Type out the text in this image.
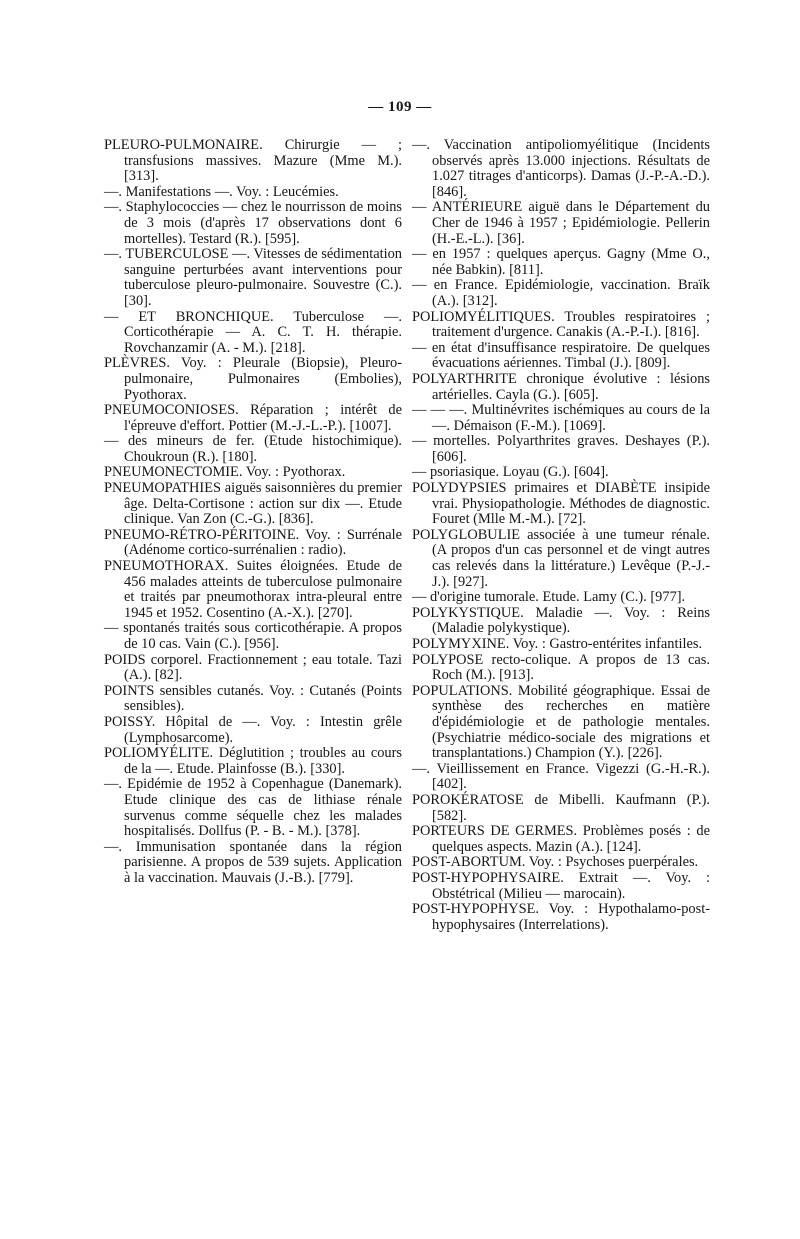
— 109 —

PLEURO-PULMONAIRE. Chirurgie — ; transfusions massives. Mazure (Mme M.). [313].

—. Manifestations —. Voy. : Leucémies.

—. Staphylococcies — chez le nourrisson de moins de 3 mois (d'après 17 observations dont 6 mortelles). Testard (R.). [595].

—. TUBERCULOSE —. Vitesses de sédimentation sanguine perturbées avant interventions pour tuberculose pleuro-pulmonaire. Souvestre (C.). [30].

— ET BRONCHIQUE. Tuberculose —. Corticothérapie — A. C. T. H. thérapie. Rovchanzamir (A. - M.). [218].

PLÈVRES. Voy. : Pleurale (Biopsie), Pleuro-pulmonaire, Pulmonaires (Embolies), Pyothorax.

PNEUMOCONIOSES. Réparation ; intérêt de l'épreuve d'effort. Pottier (M.-J.-L.-P.). [1007].

— des mineurs de fer. (Etude histochimique). Choukroun (R.). [180].

PNEUMONECTOMIE. Voy. : Pyothorax.

PNEUMOPATHIES aiguës saisonnières du premier âge. Delta-Cortisone : action sur dix —. Etude clinique. Van Zon (C.-G.). [836].

PNEUMO-RÉTRO-PÉRITOINE. Voy. : Surrénale (Adénome cortico-surrénalien : radio).

PNEUMOTHORAX. Suites éloignées. Etude de 456 malades atteints de tuberculose pulmonaire et traités par pneumothorax intra-pleural entre 1945 et 1952. Cosentino (A.-X.). [270].

— spontanés traités sous corticothérapie. A propos de 10 cas. Vain (C.). [956].

POIDS corporel. Fractionnement ; eau totale. Tazi (A.). [82].

POINTS sensibles cutanés. Voy. : Cutanés (Points sensibles).

POISSY. Hôpital de —. Voy. : Intestin grêle (Lymphosarcome).

POLIOMYÉLITE. Déglutition ; troubles au cours de la —. Etude. Plainfosse (B.). [330].

—. Epidémie de 1952 à Copenhague (Danemark). Etude clinique des cas de lithiase rénale survenus comme séquelle chez les malades hospitalisés. Dollfus (P. - B. - M.). [378].

—. Immunisation spontanée dans la région parisienne. A propos de 539 sujets. Application à la vaccination. Mauvais (J.-B.). [779].

—. Vaccination antipoliomyélitique (Incidents observés après 13.000 injections. Résultats de 1.027 titrages d'anticorps). Damas (J.-P.-A.-D.). [846].

— ANTÉRIEURE aiguë dans le Département du Cher de 1946 à 1957 ; Epidémiologie. Pellerin (H.-E.-L.). [36].

— en 1957 : quelques aperçus. Gagny (Mme O., née Babkin). [811].

— en France. Epidémiologie, vaccination. Braïk (A.). [312].

POLIOMYÉLITIQUES. Troubles respiratoires ; traitement d'urgence. Canakis (A.-P.-I.). [816].

— en état d'insuffisance respiratoire. De quelques évacuations aériennes. Timbal (J.). [809].

POLYARTHRITE chronique évolutive : lésions artérielles. Cayla (G.). [605].

— — —. Multinévrites ischémiques au cours de la —. Démaison (F.-M.). [1069].

— mortelles. Polyarthrites graves. Deshayes (P.). [606].

— psoriasique. Loyau (G.). [604].

POLYDYPSIES primaires et DIABÈTE insipide vrai. Physiopathologie. Méthodes de diagnostic. Fouret (Mlle M.-M.). [72].

POLYGLOBULIE associée à une tumeur rénale. (A propos d'un cas personnel et de vingt autres cas relevés dans la littérature.) Levêque (P.-J.-J.). [927].

— d'origine tumorale. Etude. Lamy (C.). [977].

POLYKYSTIQUE. Maladie —. Voy. : Reins (Maladie polykystique).

POLYMYXINE. Voy. : Gastro-entérites infantiles.

POLYPOSE recto-colique. A propos de 13 cas. Roch (M.). [913].

POPULATIONS. Mobilité géographique. Essai de synthèse des recherches en matière d'épidémiologie et de pathologie mentales. (Psychiatrie médico-sociale des migrations et transplantations.) Champion (Y.). [226].

—. Vieillissement en France. Vigezzi (G.-H.-R.). [402].

POROKÉRATOSE de Mibelli. Kaufmann (P.). [582].

PORTEURS DE GERMES. Problèmes posés : de quelques aspects. Mazin (A.). [124].

POST-ABORTUM. Voy. : Psychoses puerpérales.

POST-HYPOPHYSAIRE. Extrait —. Voy. : Obstétrical (Milieu — marocain).

POST-HYPOPHYSE. Voy. : Hypothalamo-post-hypophysaires (Interrelations).
